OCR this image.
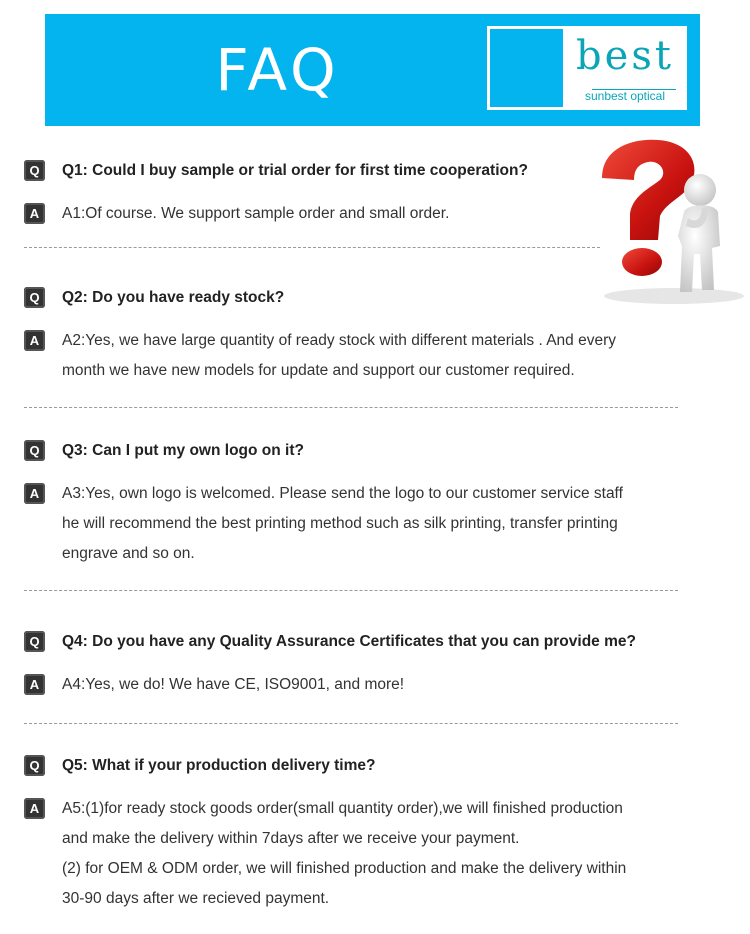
FAQ	best
sunbest optical
Q	Q1: Could I buy sample or trial order for first time cooperation?
A	A1:Of course. We support sample order and small order.

Q	Q2: Do you have ready stock?
A	A2:Yes, we have large quantity of ready stock with different materials . And every

month we have new models for update and support our customer required.

Q	Q3: Can I put my own logo on it?
A	A3:Yes, own logo is welcomed. Please send the logo to our customer service staff

he will recommend the best printing method such as silk printing, transfer printing

engrave and so on.

Q	Q4: Do you have any Quality Assurance Certificates that you can provide me?
A	A4:Yes, we do! We have CE, ISO9001, and more!

Q	Q5: What if your production delivery time?
A	A5:(1)for ready stock goods order(small quantity order),we will finished production

and make the delivery within 7days after we receive your payment.

(2) for OEM & ODM order, we will finished production and make the delivery within

30-90 days after we recieved payment.
